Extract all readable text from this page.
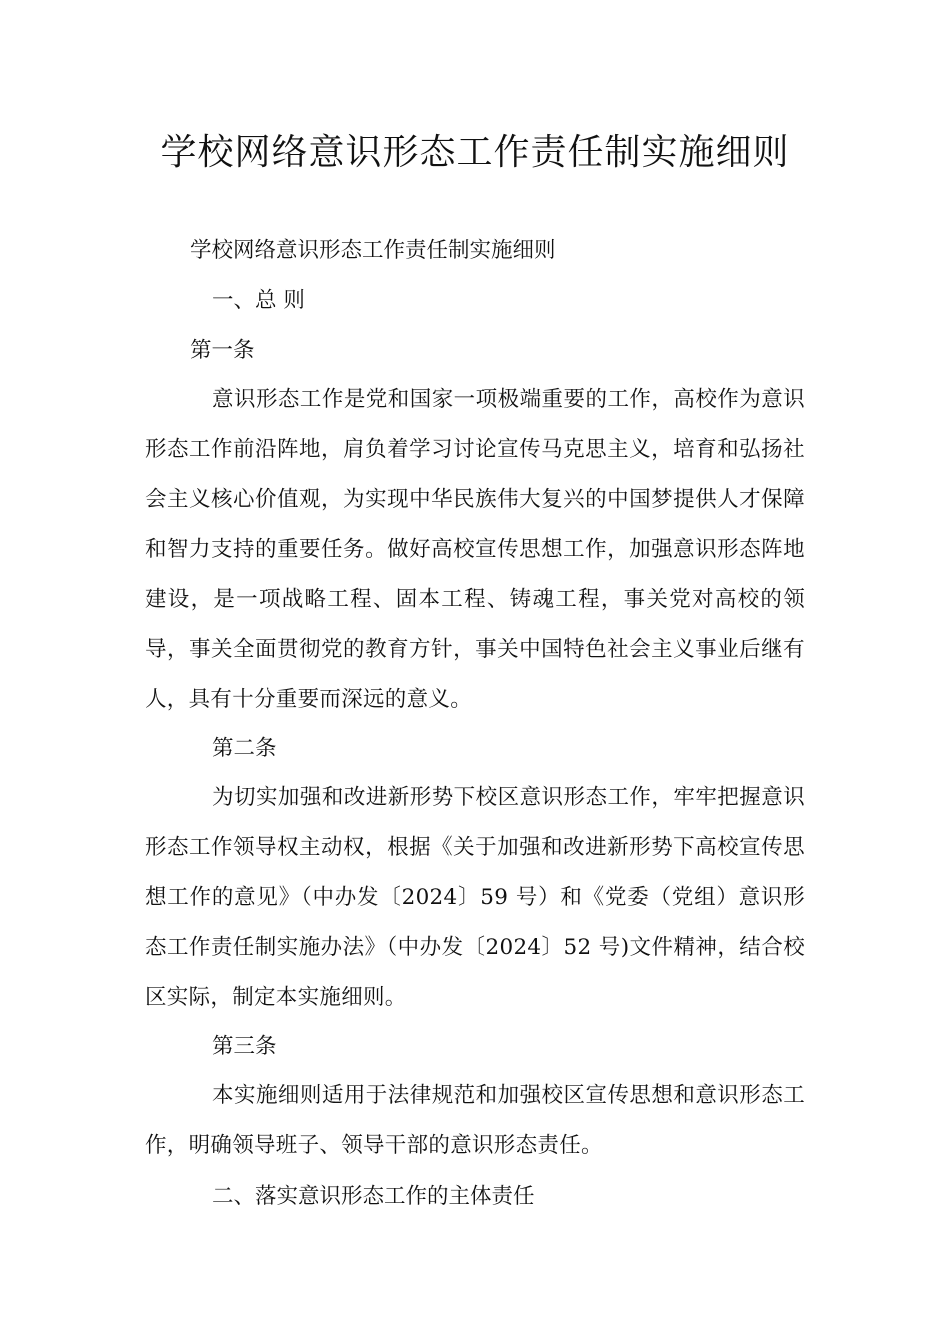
学校网络意识形态工作责任制实施细则

学校网络意识形态工作责任制实施细则

一、总 则

第一条

意识形态工作是党和国家一项极端重要的工作，高校作为意识形态工作前沿阵地，肩负着学习讨论宣传马克思主义，培育和弘扬社会主义核心价值观，为实现中华民族伟大复兴的中国梦提供人才保障和智力支持的重要任务。做好高校宣传思想工作，加强意识形态阵地建设，是一项战略工程、固本工程、铸魂工程，事关党对高校的领导，事关全面贯彻党的教育方针，事关中国特色社会主义事业后继有人，具有十分重要而深远的意义。

第二条

为切实加强和改进新形势下校区意识形态工作，牢牢把握意识形态工作领导权主动权，根据《关于加强和改进新形势下高校宣传思想工作的意见》（中办发〔2024〕59 号）和《党委（党组）意识形态工作责任制实施办法》（中办发〔2024〕52 号)文件精神，结合校区实际，制定本实施细则。

第三条

本实施细则适用于法律规范和加强校区宣传思想和意识形态工作，明确领导班子、领导干部的意识形态责任。

二、落实意识形态工作的主体责任
